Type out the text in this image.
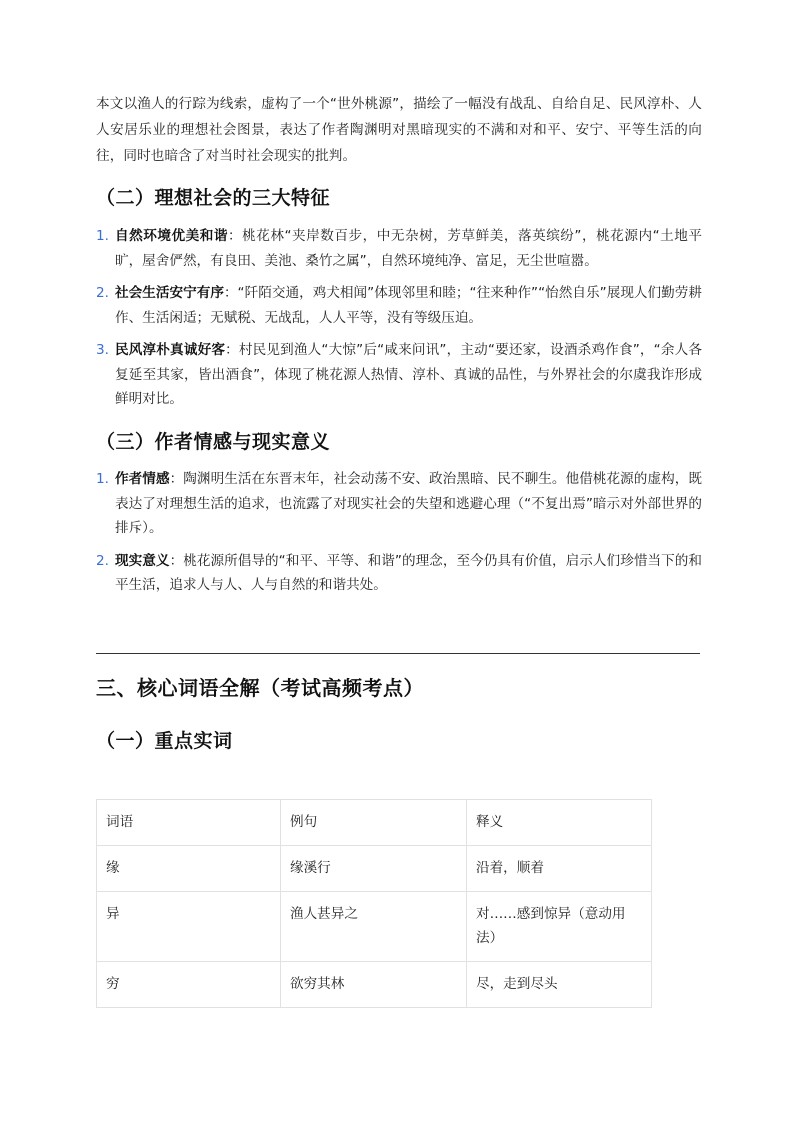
本文以渔人的行踪为线索，虚构了一个“世外桃源”，描绘了一幅没有战乱、自给自足、民风淳朴、人人安居乐业的理想社会图景，表达了作者陶渊明对黑暗现实的不满和对和平、安宁、平等生活的向往，同时也暗含了对当时社会现实的批判。

（二）理想社会的三大特征
1. 自然环境优美和谐：桃花林“夹岸数百步，中无杂树，芳草鲜美，落英缤纷”，桃花源内“土地平旷，屋舍俨然，有良田、美池、桑竹之属”，自然环境纯净、富足，无尘世喧嚣。
2. 社会生活安宁有序：“阡陌交通，鸡犬相闻”体现邻里和睦；“往来种作”“怡然自乐”展现人们勤劳耕作、生活闲适；无赋税、无战乱，人人平等，没有等级压迫。
3. 民风淳朴真诚好客：村民见到渔人“大惊”后“咸来问讯”，主动“要还家，设酒杀鸡作食”，“余人各复延至其家，皆出酒食”，体现了桃花源人热情、淳朴、真诚的品性，与外界社会的尔虞我诈形成鲜明对比。
（三）作者情感与现实意义
1. 作者情感：陶渊明生活在东晋末年，社会动荡不安、政治黑暗、民不聊生。他借桃花源的虚构，既表达了对理想生活的追求，也流露了对现实社会的失望和逃避心理（“不复出焉”暗示对外部世界的排斥）。
2. 现实意义：桃花源所倡导的“和平、平等、和谐”的理念，至今仍具有价值，启示人们珍惜当下的和平生活，追求人与人、人与自然的和谐共处。
三、核心词语全解（考试高频考点）
（一）重点实词
词语	例句	释义
缘	缘溪行	沿着，顺着
异	渔人甚异之	对……感到惊异（意动用法）
穷	欲穷其林	尽，走到尽头
